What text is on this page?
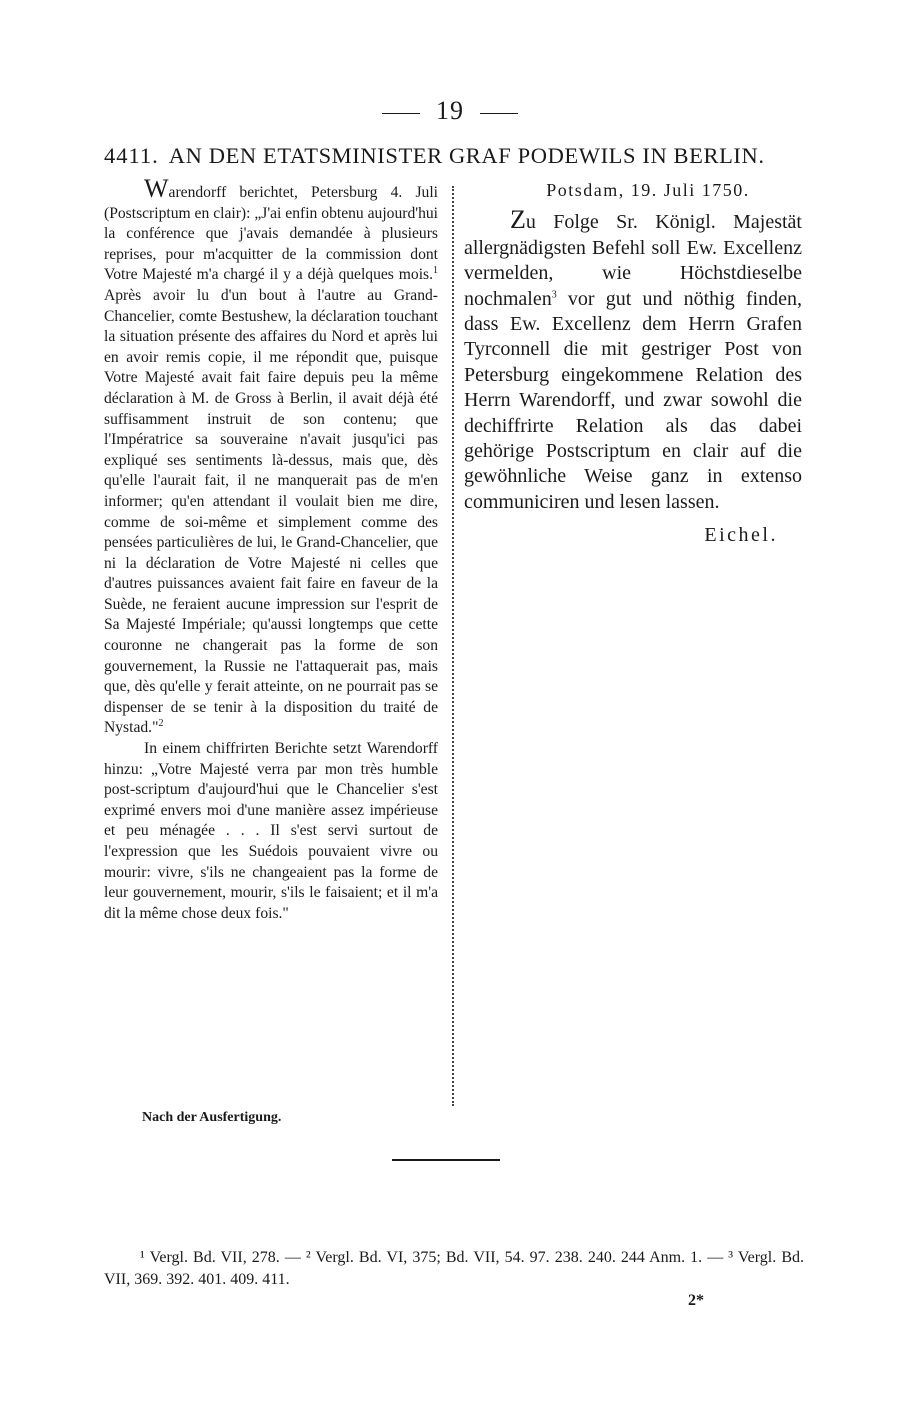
19
4411. AN DEN ETATSMINISTER GRAF PODEWILS IN BERLIN.

Warendorff berichtet, Petersburg 4. Juli (Postscriptum en clair): „J'ai enfin obtenu aujourd'hui la conférence que j'avais demandée à plusieurs reprises, pour m'acquitter de la commission dont Votre Majesté m'a chargé il y a déjà quelques mois.$^1$ Après avoir lu d'un bout à l'autre au Grand-Chancelier, comte Bestushew, la déclaration touchant la situation présente des affaires du Nord et après lui en avoir remis copie, il me répondit que, puisque Votre Majesté avait fait faire depuis peu la même déclaration à M. de Gross à Berlin, il avait déjà été suffisamment instruit de son contenu; que l'Impératrice sa souveraine n'avait jusqu'ici pas expliqué ses sentiments là-dessus, mais que, dès qu'elle l'aurait fait, il ne manquerait pas de m'en informer; qu'en attendant il voulait bien me dire, comme de soi-même et simplement comme des pensées particulières de lui, le Grand-Chancelier, que ni la déclaration de Votre Majesté ni celles que d'autres puissances avaient fait faire en faveur de la Suède, ne feraient aucune impression sur l'esprit de Sa Majesté Impériale; qu'aussi longtemps que cette couronne ne changerait pas la forme de son gouvernement, la Russie ne l'attaquerait pas, mais que, dès qu'elle y ferait atteinte, on ne pourrait pas se dispenser de se tenir à la disposition du traité de Nystad."$^2$

In einem chiffrirten Berichte setzt Warendorff hinzu: „Votre Majesté verra par mon très humble post-scriptum d'aujourd'hui que le Chancelier s'est exprimé envers moi d'une manière assez impérieuse et peu ménagée . . . Il s'est servi surtout de l'expression que les Suédois pouvaient vivre ou mourir: vivre, s'ils ne changeaient pas la forme de leur gouvernement, mourir, s'ils le faisaient; et il m'a dit la même chose deux fois."

Nach der Ausfertigung.

Potsdam, 19. Juli 1750.

Zu Folge Sr. Königl. Majestät allergnädigsten Befehl soll Ew. Excellenz vermelden, wie Höchstdieselbe nochmalen$^3$ vor gut und nöthig finden, dass Ew. Excellenz dem Herrn Grafen Tyrconnell die mit gestriger Post von Petersburg eingekommene Relation des Herrn Warendorff, und zwar sowohl die dechiffrirte Relation als das dabei gehörige Postscriptum en clair auf die gewöhnliche Weise ganz in extenso communiciren und lesen lassen.

Eichel.

¹ Vergl. Bd. VII, 278. — ² Vergl. Bd. VI, 375; Bd. VII, 54. 97. 238. 240. 244 Anm. 1. — ³ Vergl. Bd. VII, 369. 392. 401. 409. 411.

2*
